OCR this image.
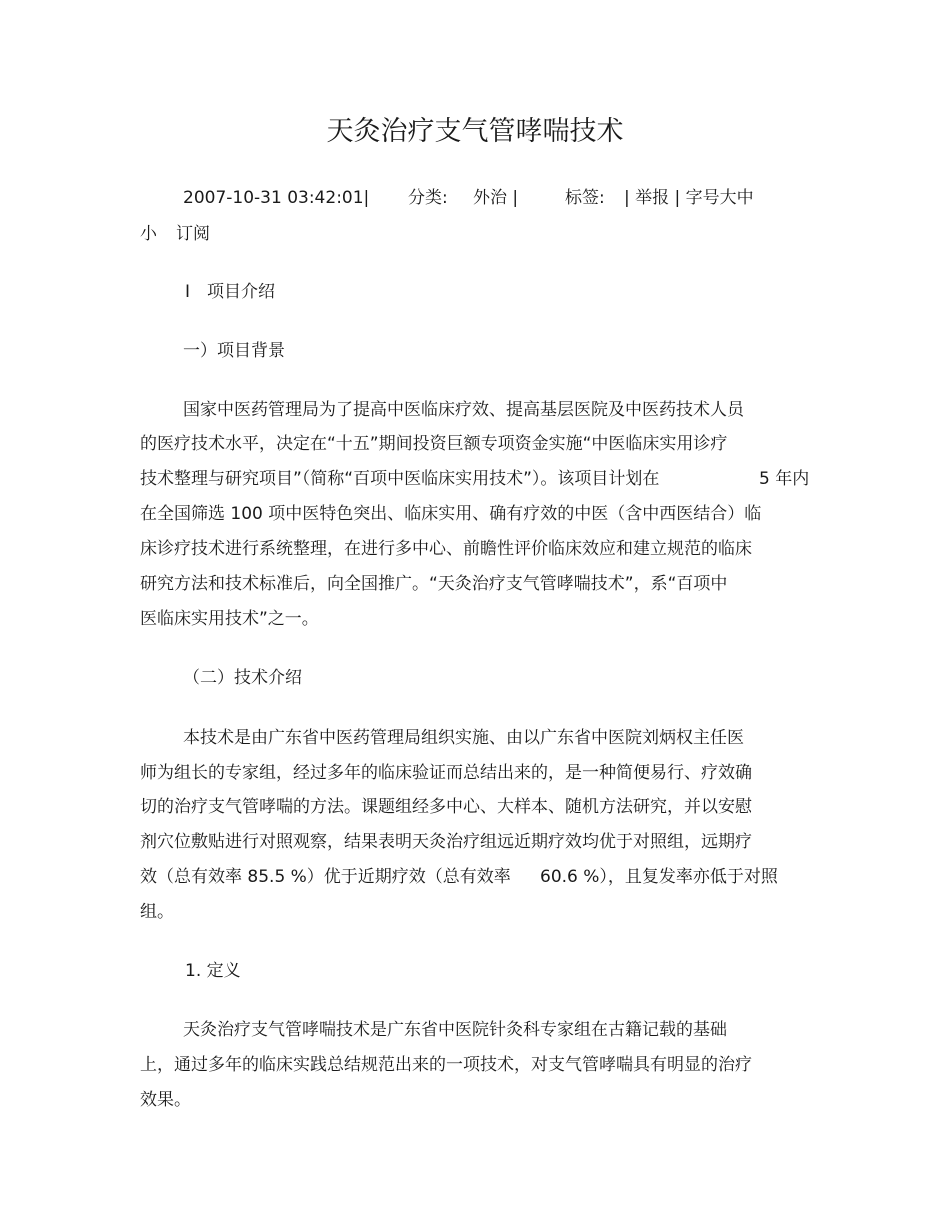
天灸治疗支气管哮喘技术
2007-10-31 03:42:01| 分类: 外治 |	标签: | 举报 | 字号大中
小 订阅
Ⅰ　项目介绍
一）项目背景
国家中医药管理局为了提高中医临床疗效、提高基层医院及中医药技术人员
的医疗技术水平，决定在“十五”期间投资巨额专项资金实施“中医临床实用诊疗
技术整理与研究项目”（简称“百项中医临床实用技术”）。该项目计划在	5 年内
在全国筛选 100 项中医特色突出、临床实用、确有疗效的中医（含中西医结合）临
床诊疗技术进行系统整理，在进行多中心、前瞻性评价临床效应和建立规范的临床
研究方法和技术标准后，向全国推广。“天灸治疗支气管哮喘技术”，系“百项中
医临床实用技术”之一。
（二）技术介绍
本技术是由广东省中医药管理局组织实施、由以广东省中医院刘炳权主任医
师为组长的专家组，经过多年的临床验证而总结出来的，是一种简便易行、疗效确
切的治疗支气管哮喘的方法。课题组经多中心、大样本、随机方法研究，并以安慰
剂穴位敷贴进行对照观察，结果表明天灸治疗组远近期疗效均优于对照组，远期疗
效（总有效率 85.5 %）优于近期疗效（总有效率 60.6 %），且复发率亦低于对照
组。
1. 定义
天灸治疗支气管哮喘技术是广东省中医院针灸科专家组在古籍记载的基础
上，通过多年的临床实践总结规范出来的一项技术，对支气管哮喘具有明显的治疗
效果。
